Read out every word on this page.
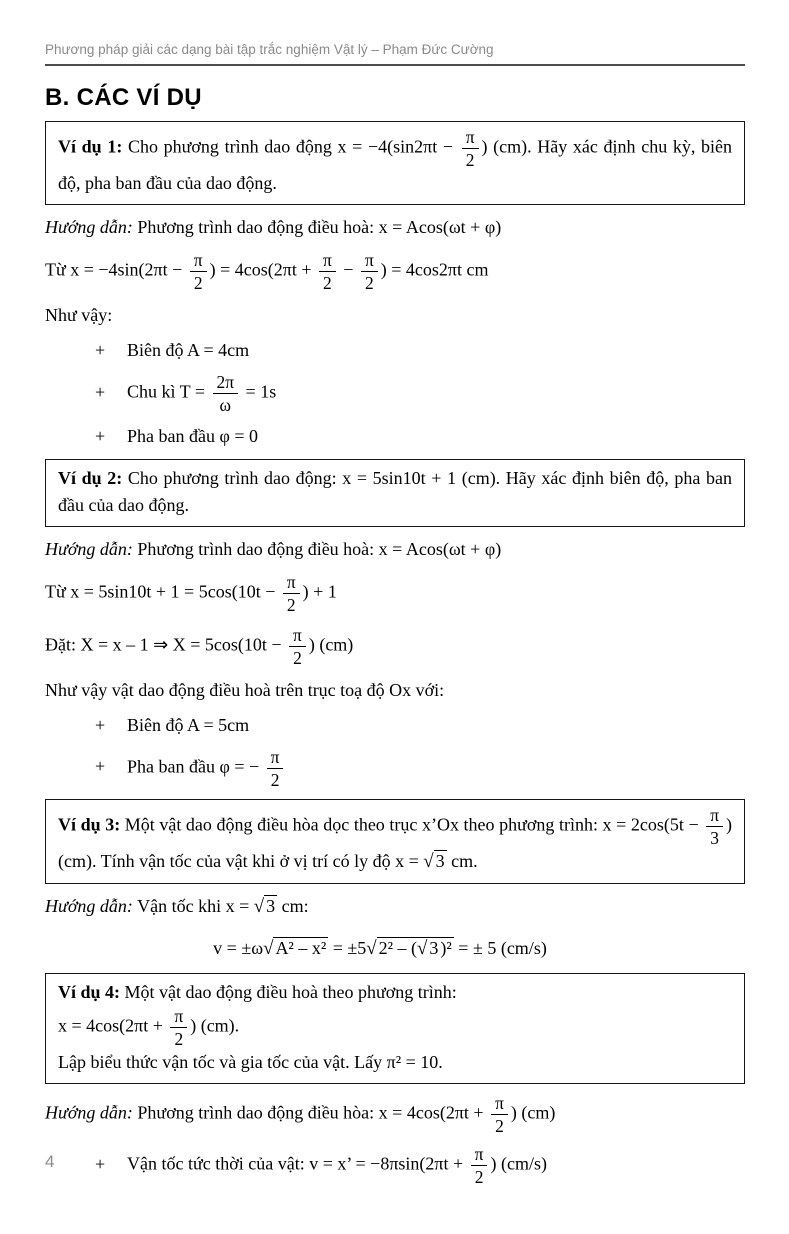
Phương pháp giải các dạng bài tập trắc nghiệm Vật lý – Phạm Đức Cường
B. CÁC VÍ DỤ

Ví dụ 1: Cho phương trình dao động $x = -4(\sin 2\pi t - \frac{\pi}{2}$ ) (cm). Hãy xác định chu kỳ, biên độ, pha ban đầu của dao động.

Hướng dẫn: Phương trình dao động điều hoà: x = Acos(ωt + φ)

Từ $x = -4\sin(2\pi t - \frac{\pi}{2}$ ) = $4\cos(2\pi t + \frac{\pi}{2} - \frac{\pi}{2}$ ) = 4cos2πt cm

Như vậy:

+ Biên độ A = 4cm
+ Chu kì $T = \frac{2\pi}{\omega} = 1s$
+ Pha ban đầu φ = 0

Ví dụ 2: Cho phương trình dao động: x = 5sin10t + 1 (cm). Hãy xác định biên độ, pha ban đầu của dao động.

Hướng dẫn: Phương trình dao động điều hoà: x = Acos(ωt + φ)

Từ $x = 5\sin 10t + 1 = 5\cos(10t - \frac{\pi}{2}$ ) + 1

Đặt: X = x – 1 ⇒ $X = 5\cos(10t - \frac{\pi}{2}$ ) (cm)

Như vậy vật dao động điều hoà trên trục toạ độ Ox với:

+ Biên độ A = 5cm
+ Pha ban đầu φ = − $\frac{\pi}{2}$

Ví dụ 3: Một vật dao động điều hòa dọc theo trục x’Ox theo phương trình: $x = 2\cos(5t - \frac{\pi}{3}$ ) (cm). Tính vận tốc của vật khi ở vị trí có ly độ x = √ 3 cm.

Hướng dẫn: Vận tốc khi x = √ 3 cm:

v = ±ω√ A² – x² = ±5√ 2² – (√ 3 )² = ± 5 (cm/s)

Ví dụ 4: Một vật dao động điều hoà theo phương trình:

$x = 4\cos(2\pi t + \frac{\pi}{2}$ ) (cm).

Lập biểu thức vận tốc và gia tốc của vật. Lấy π² = 10.

Hướng dẫn: Phương trình dao động điều hòa: $x = 4\cos(2\pi t + \frac{\pi}{2}$ ) (cm)

+ Vận tốc tức thời của vật: v = x’ = $-8\pi\sin(2\pi t + \frac{\pi}{2}$ ) (cm/s)
4
